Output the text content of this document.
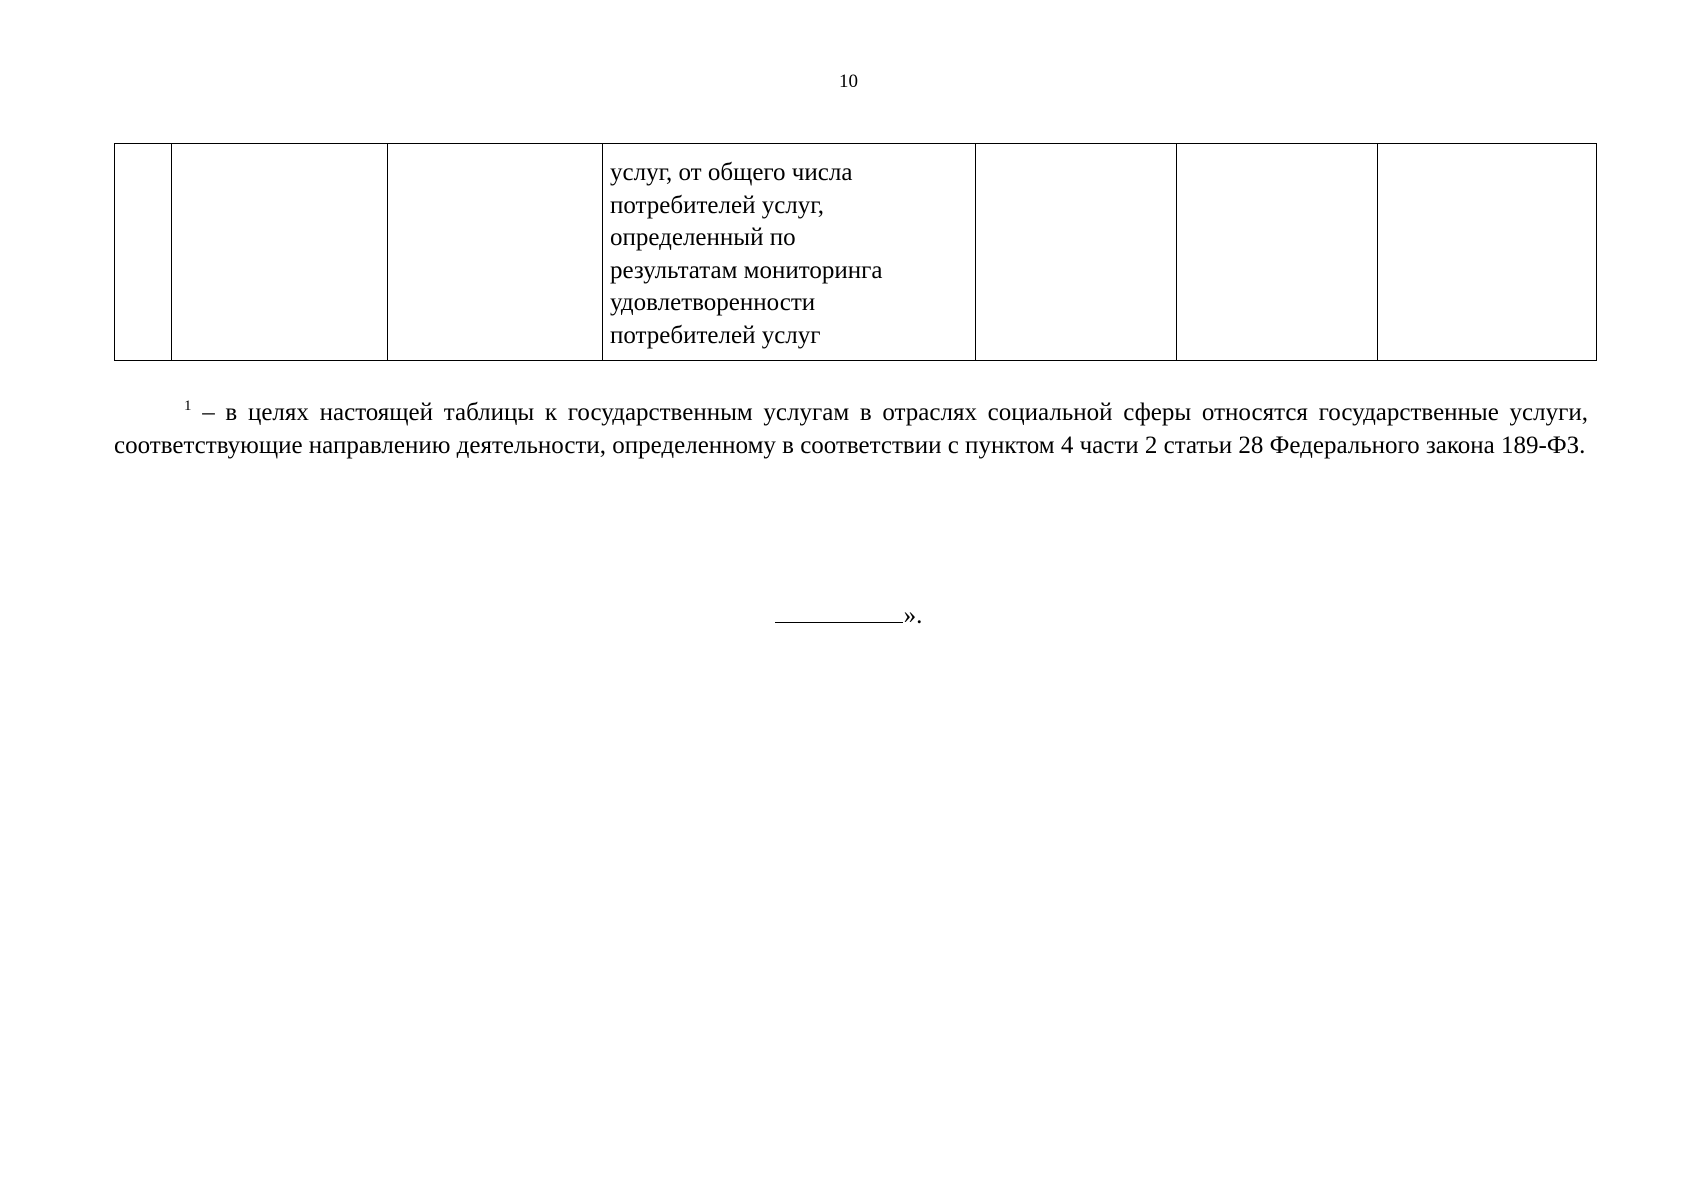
10

услуг, от общего числа
потребителей услуг,
определенный по
результатам мониторинга
удовлетворенности
потребителей услуг

$^1$ – в целях настоящей таблицы к государственным услугам в отраслях социальной сферы относятся государственные услуги, соответствующие направлению деятельности, определенному в соответствии с пунктом 4 части 2 статьи 28 Федерального закона 189-ФЗ.

».
